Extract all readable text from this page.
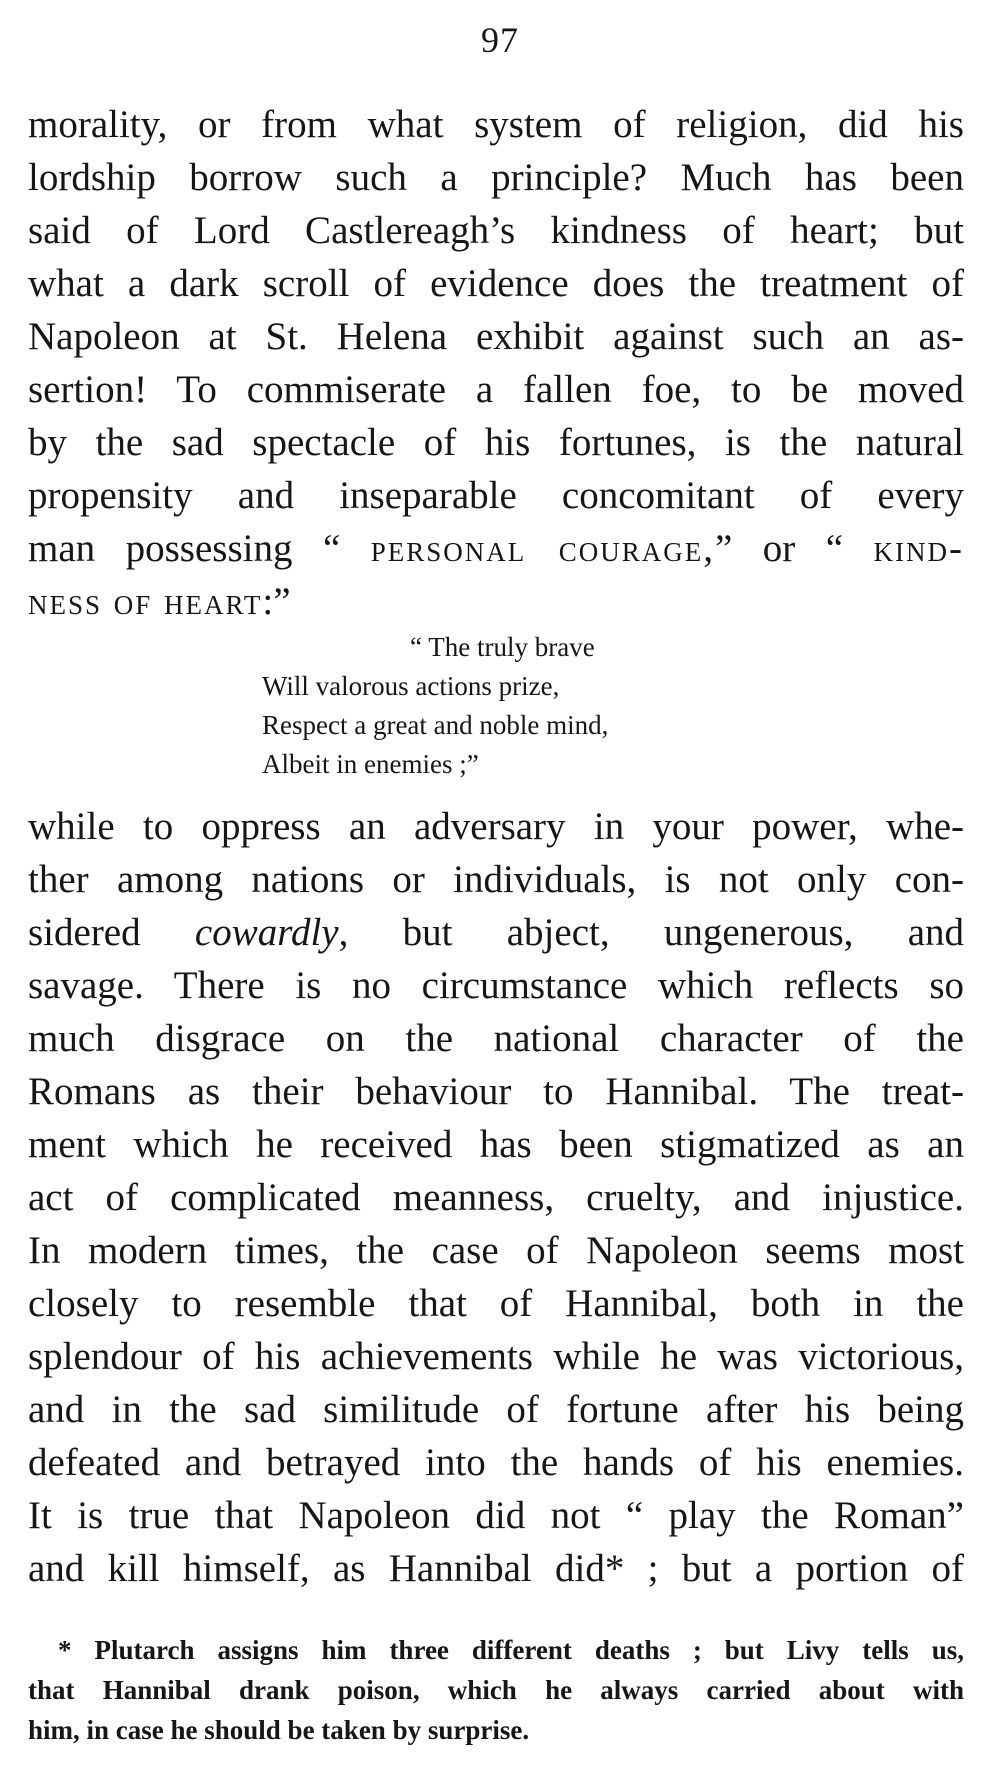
97
morality, or from what system of religion, did his
lordship borrow such a principle? Much has been
said of Lord Castlereagh’s kindness of heart; but
what a dark scroll of evidence does the treatment of
Napoleon at St. Helena exhibit against such an as-
sertion! To commiserate a fallen foe, to be moved
by the sad spectacle of his fortunes, is the natural
propensity and inseparable concomitant of every
man possessing “ personal courage,” or “ kind-
ness of heart:”
“ The truly brave
Will valorous actions prize,
Respect a great and noble mind,
Albeit in enemies ;”
while to oppress an adversary in your power, whe-
ther among nations or individuals, is not only con-
sidered cowardly, but abject, ungenerous, and
savage. There is no circumstance which reflects so
much disgrace on the national character of the
Romans as their behaviour to Hannibal. The treat-
ment which he received has been stigmatized as an
act of complicated meanness, cruelty, and injustice.
In modern times, the case of Napoleon seems most
closely to resemble that of Hannibal, both in the
splendour of his achievements while he was victorious,
and in the sad similitude of fortune after his being
defeated and betrayed into the hands of his enemies.
It is true that Napoleon did not “ play the Roman”
and kill himself, as Hannibal did* ; but a portion of
* Plutarch assigns him three different deaths ; but Livy tells us,
that Hannibal drank poison, which he always carried about with
him, in case he should be taken by surprise.
